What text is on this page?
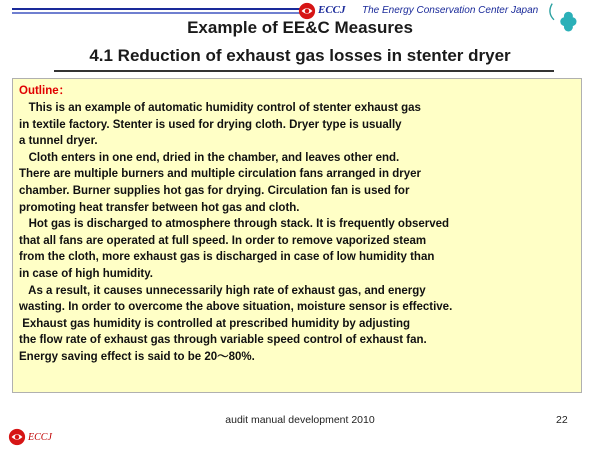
ECCJ The Energy Conservation Center Japan
Example of EE&C Measures
4.1 Reduction of exhaust gas losses in stenter dryer
Outline：

This is an example of automatic humidity control of stenter exhaust gas

in textile factory. Stenter is used for drying cloth. Dryer type is usually

a tunnel dryer.

Cloth enters in one end, dried in the chamber, and leaves other end.

There are multiple burners and multiple circulation fans arranged in dryer

chamber. Burner supplies hot gas for drying. Circulation fan is used for

promoting heat transfer between hot gas and cloth.

Hot gas is discharged to atmosphere through stack. It is frequently observed

that all fans are operated at full speed. In order to remove vaporized steam

from the cloth, more exhaust gas is discharged in case of low humidity than

in case of high humidity.

As a result, it causes unnecessarily high rate of exhaust gas, and energy

wasting. In order to overcome the above situation, moisture sensor is effective.

Exhaust gas humidity is controlled at prescribed humidity by adjusting

the flow rate of exhaust gas through variable speed control of exhaust fan.

Energy saving effect is said to be 20～80%.

audit manual development 2010	22
ECCJ
